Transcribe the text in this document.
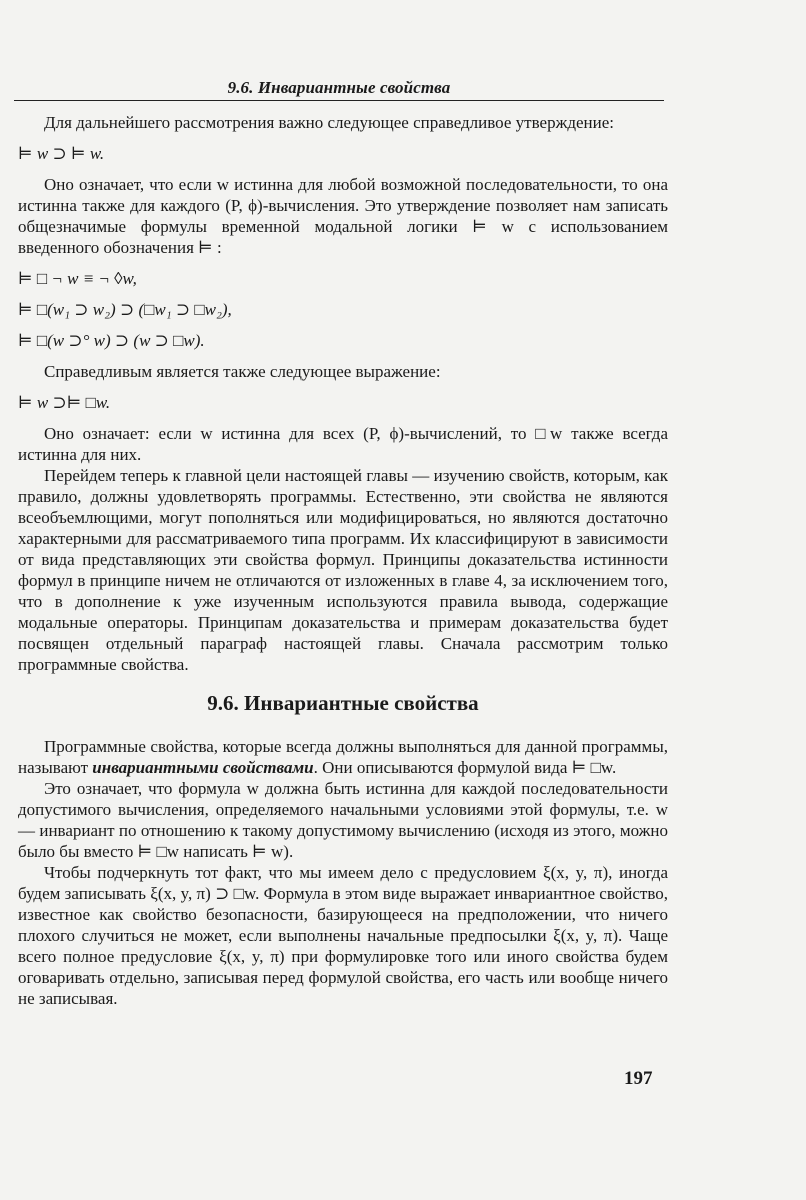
9.6. Инвариантные свойства

Для дальнейшего рассмотрения важно следующее справедливое утверждение:

⊨ w ⊃ ⊨ w.

Оно означает, что если w истинна для любой возможной последовательности, то она истинна также для каждого (P, ϕ)-вычисления. Это утверждение позволяет нам записать общезначимые формулы временной модальной логики ⊨ w с использованием введенного обозначения ⊨ :

⊨ □ ¬ w ≡ ¬ ◊w,

⊨ □(w₁ ⊃ w₂) ⊃ (□w₁ ⊃ □w₂),

⊨ □(w ⊃° w) ⊃ (w ⊃ □w).

Справедливым является также следующее выражение:

⊨ w ⊃⊨ □w.

Оно означает: если w истинна для всех (P, ϕ)-вычислений, то □w также всегда истинна для них.

Перейдем теперь к главной цели настоящей главы — изучению свойств, которым, как правило, должны удовлетворять программы. Естественно, эти свойства не являются всеобъемлющими, могут пополняться или модифицироваться, но являются достаточно характерными для рассматриваемого типа программ. Их классифицируют в зависимости от вида представляющих эти свойства формул. Принципы доказательства истинности формул в принципе ничем не отличаются от изложенных в главе 4, за исключением того, что в дополнение к уже изученным используются правила вывода, содержащие модальные операторы. Принципам доказательства и примерам доказательства будет посвящен отдельный параграф настоящей главы. Сначала рассмотрим только программные свойства.

9.6. Инвариантные свойства

Программные свойства, которые всегда должны выполняться для данной программы, называют инвариантными свойствами. Они описываются формулой вида ⊨ □w.

Это означает, что формула w должна быть истинна для каждой последовательности допустимого вычисления, определяемого начальными условиями этой формулы, т.е. w — инвариант по отношению к такому допустимому вычислению (исходя из этого, можно было бы вместо ⊨ □w написать ⊨ w).

Чтобы подчеркнуть тот факт, что мы имеем дело с предусловием ξ(x, y, π), иногда будем записывать ξ(x, y, π) ⊃ □w. Формула в этом виде выражает инвариантное свойство, известное как свойство безопасности, базирующееся на предположении, что ничего плохого случиться не может, если выполнены начальные предпосылки ξ(x, y, π). Чаще всего полное предусловие ξ(x, y, π) при формулировке того или иного свойства будем оговаривать отдельно, записывая перед формулой свойства, его часть или вообще ничего не записывая.

197
